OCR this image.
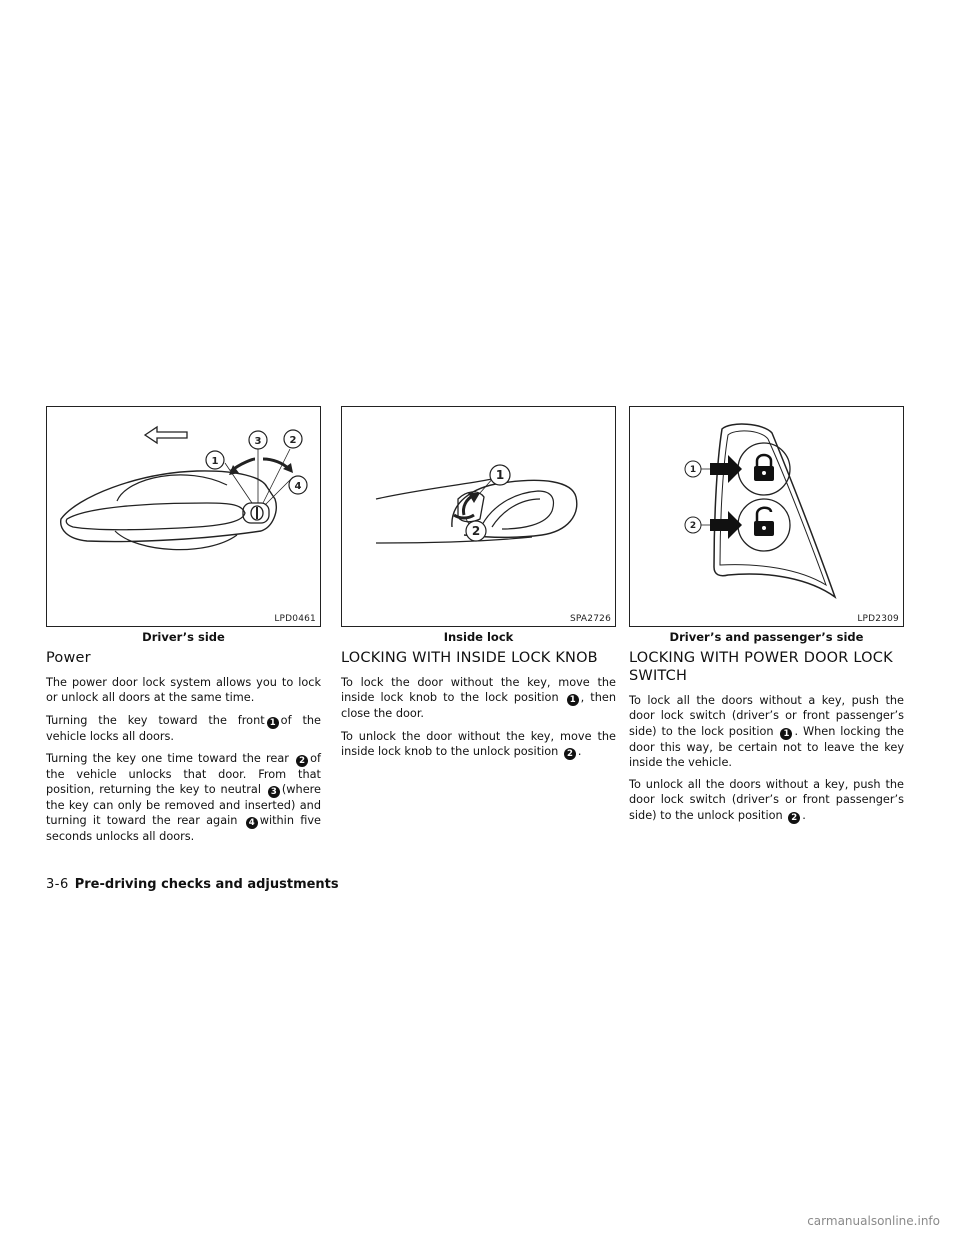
1
2
3
4
LPD0461
Driver’s side
Power

The power door lock system allows you to lock or unlock all doors at the same time.

Turning the key toward the front 1 of the vehicle locks all doors.

Turning the key one time toward the rear 2 of the vehicle unlocks that door. From that position, returning the key to neutral 3 (where the key can only be removed and inserted) and turning it toward the rear again 4 within five seconds unlocks all doors.

1
2
SPA2726
Inside lock
LOCKING WITH INSIDE LOCK KNOB

To lock the door without the key, move the inside lock knob to the lock position 1 , then close the door.

To unlock the door without the key, move the inside lock knob to the unlock position 2 .

1
2
LPD2309
Driver’s and passenger’s side
LOCKING WITH POWER DOOR LOCK SWITCH

To lock all the doors without a key, push the door lock switch (driver’s or front passenger’s side) to the lock position 1 . When locking the door this way, be certain not to leave the key inside the vehicle.

To unlock all the doors without a key, push the door lock switch (driver’s or front passenger’s side) to the unlock position 2 .

3-6 Pre-driving checks and adjustments
carmanualsonline.info
